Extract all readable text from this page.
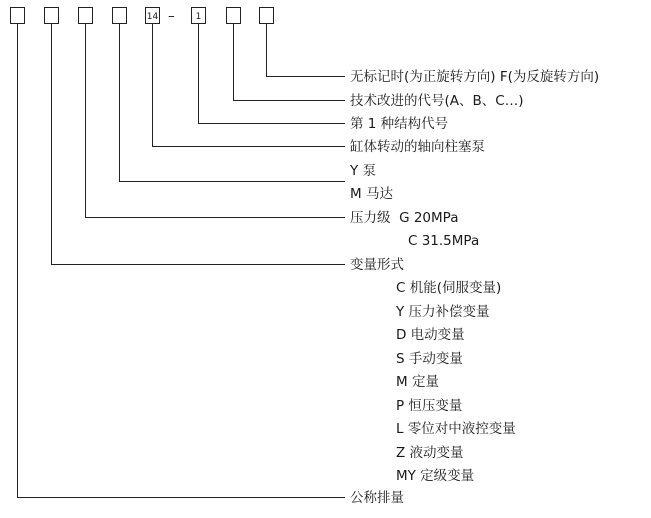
–
14	1
无标记时(为正旋转方向) F(为反旋转方向)
技术改进的代号(A、B、C…)
第 1 种结构代号
缸体转动的轴向柱塞泵
Y 泵
M 马达
压力级  G 20MPa
C 31.5MPa
变量形式
C 机能(伺服变量)
Y 压力补偿变量
D 电动变量
S 手动变量
M 定量
P 恒压变量
L 零位对中液控变量
Z 液动变量
MY 定级变量
公称排量
